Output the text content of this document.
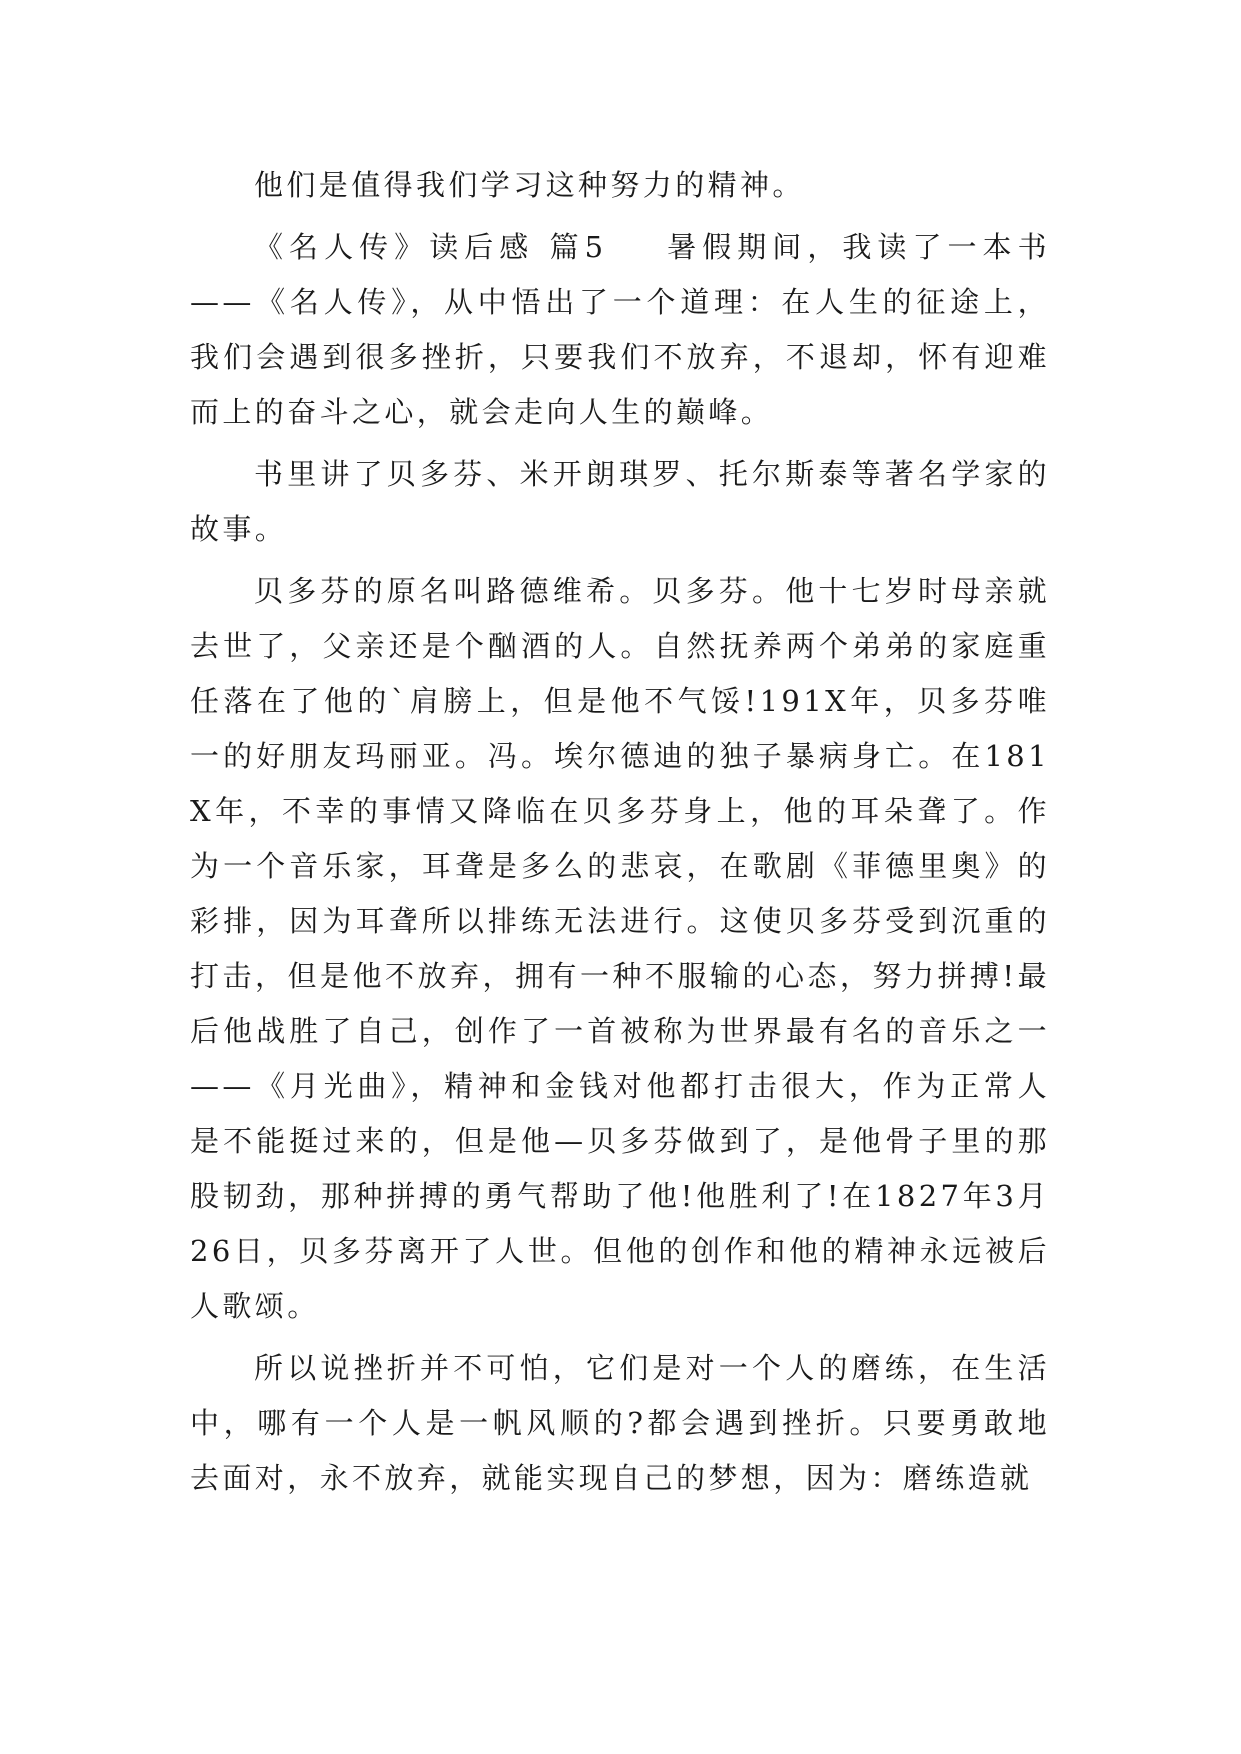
他们是值得我们学习这种努力的精神。

《名人传》读后感 篇5 暑假期间，我读了一本书——《名人传》，从中悟出了一个道理：在人生的征途上，我们会遇到很多挫折，只要我们不放弃，不退却，怀有迎难而上的奋斗之心，就会走向人生的巅峰。

书里讲了贝多芬、米开朗琪罗、托尔斯泰等著名学家的故事。

贝多芬的原名叫路德维希。贝多芬。他十七岁时母亲就去世了，父亲还是个酗酒的人。自然抚养两个弟弟的家庭重任落在了他的`肩膀上，但是他不气馁!191X年，贝多芬唯一的好朋友玛丽亚。冯。埃尔德迪的独子暴病身亡。在181X年，不幸的事情又降临在贝多芬身上，他的耳朵聋了。作为一个音乐家，耳聋是多么的悲哀，在歌剧《菲德里奥》的彩排，因为耳聋所以排练无法进行。这使贝多芬受到沉重的打击，但是他不放弃，拥有一种不服输的心态，努力拼搏!最后他战胜了自己，创作了一首被称为世界最有名的音乐之一——《月光曲》，精神和金钱对他都打击很大，作为正常人是不能挺过来的，但是他—贝多芬做到了，是他骨子里的那股韧劲，那种拼搏的勇气帮助了他!他胜利了!在1827年3月26日，贝多芬离开了人世。但他的创作和他的精神永远被后人歌颂。

所以说挫折并不可怕，它们是对一个人的磨练，在生活中，哪有一个人是一帆风顺的?都会遇到挫折。只要勇敢地去面对，永不放弃，就能实现自己的梦想，因为：磨练造就
